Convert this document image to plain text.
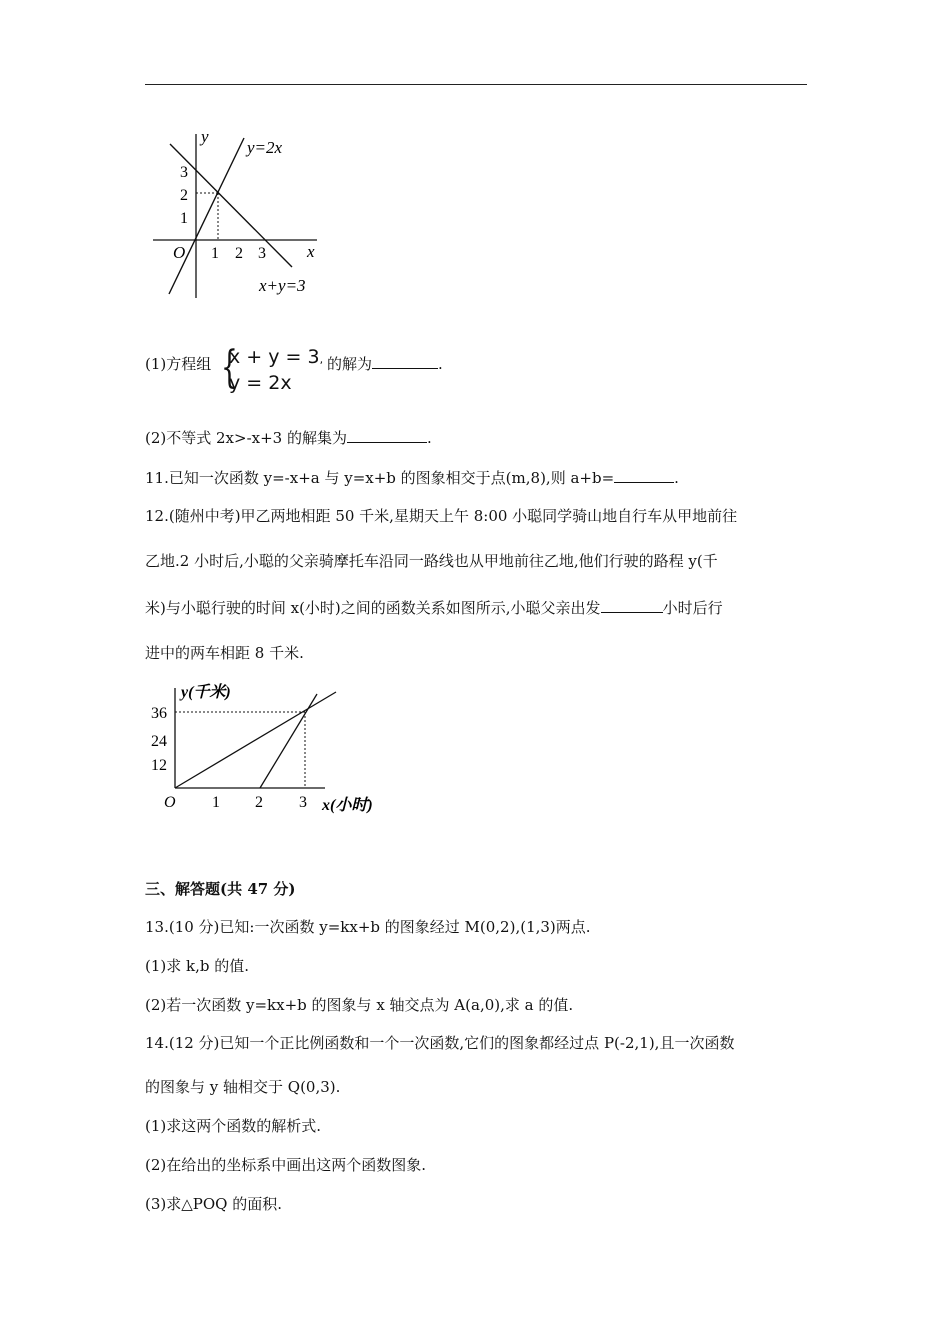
y
x
O
1
2
3
1 2 3
y=2x
x+y=3
(1)方程组 {
x + y = 3,
y = 2x
的解为	.
(2)不等式 2x>-x+3 的解集为	.
11.已知一次函数 y=-x+a 与 y=x+b 的图象相交于点(m,8),则 a+b=	.
12.(随州中考)甲乙两地相距 50 千米,星期天上午 8:00 小聪同学骑山地自行车从甲地前往
乙地.2 小时后,小聪的父亲骑摩托车沿同一路线也从甲地前往乙地,他们行驶的路程 y(千
米)与小聪行驶的时间 x(小时)之间的函数关系如图所示,小聪父亲出发	小时后行
进中的两车相距 8 千米.
y(千米)
x(小时)
O
12
24
36
1 2 3
三、解答题(共 47 分)
13.(10 分)已知:一次函数 y=kx+b 的图象经过 M(0,2),(1,3)两点.
(1)求 k,b 的值.
(2)若一次函数 y=kx+b 的图象与 x 轴交点为 A(a,0),求 a 的值.
14.(12 分)已知一个正比例函数和一个一次函数,它们的图象都经过点 P(-2,1),且一次函数
的图象与 y 轴相交于 Q(0,3).
(1)求这两个函数的解析式.
(2)在给出的坐标系中画出这两个函数图象.
(3)求△POQ 的面积.
